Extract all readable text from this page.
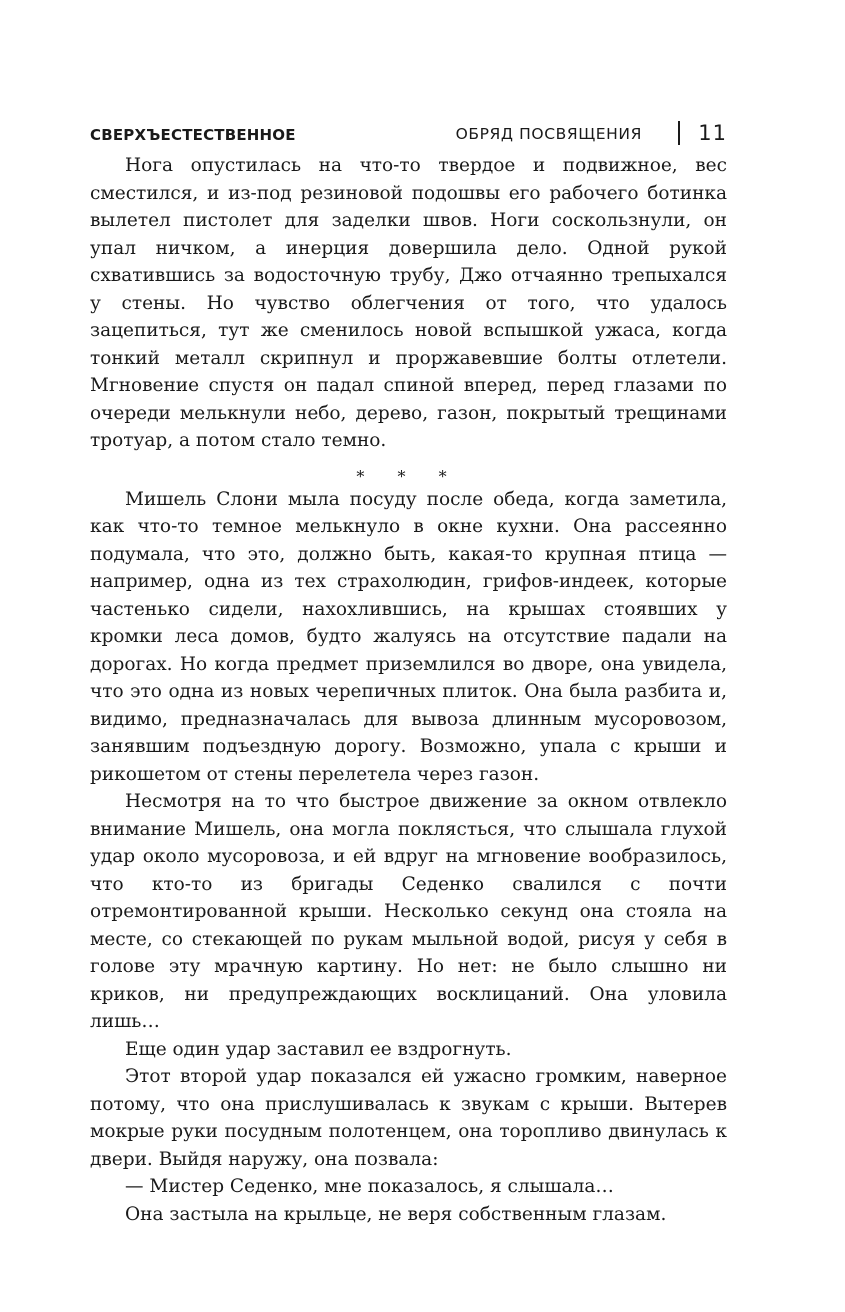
СВЕРХЪЕСТЕСТВЕННОЕ	ОБРЯД ПОСВЯЩЕНИЯ	11

Нога опустилась на что-то твердое и подвижное, вес сместился, и из-под резиновой подошвы его рабочего ботинка вылетел пистолет для заделки швов. Ноги соскользнули, он упал ничком, а инерция довершила дело. Одной рукой схватившись за водосточную трубу, Джо отчаянно трепыхался у стены. Но чувство облегчения от того, что удалось зацепиться, тут же сменилось новой вспышкой ужаса, когда тонкий металл скрипнул и проржавевшие болты отлетели. Мгновение спустя он падал спиной вперед, перед глазами по очереди мелькнули небо, дерево, газон, покрытый трещинами тротуар, а потом стало темно.

* * *

Мишель Слони мыла посуду после обеда, когда заметила, как что-то темное мелькнуло в окне кухни. Она рассеянно подумала, что это, должно быть, какая-то крупная птица — например, одна из тех страхолюдин, грифов-индеек, которые частенько сидели, нахохлившись, на крышах стоявших у кромки леса домов, будто жалуясь на отсутствие падали на дорогах. Но когда предмет приземлился во дворе, она увидела, что это одна из новых черепичных плиток. Она была разбита и, видимо, предназначалась для вывоза длинным мусоровозом, занявшим подъездную дорогу. Возможно, упала с крыши и рикошетом от стены перелетела через газон.

Несмотря на то что быстрое движение за окном отвлекло внимание Мишель, она могла поклясться, что слышала глухой удар около мусоровоза, и ей вдруг на мгновение вообразилось, что кто-то из бригады Седенко свалился с почти отремонтированной крыши. Несколько секунд она стояла на месте, со стекающей по рукам мыльной водой, рисуя у себя в голове эту мрачную картину. Но нет: не было слышно ни криков, ни предупреждающих восклицаний. Она уловила лишь…

Еще один удар заставил ее вздрогнуть.

Этот второй удар показался ей ужасно громким, наверное потому, что она прислушивалась к звукам с крыши. Вытерев мокрые руки посудным полотенцем, она торопливо двинулась к двери. Выйдя наружу, она позвала:

— Мистер Седенко, мне показалось, я слышала…

Она застыла на крыльце, не веря собственным глазам.
